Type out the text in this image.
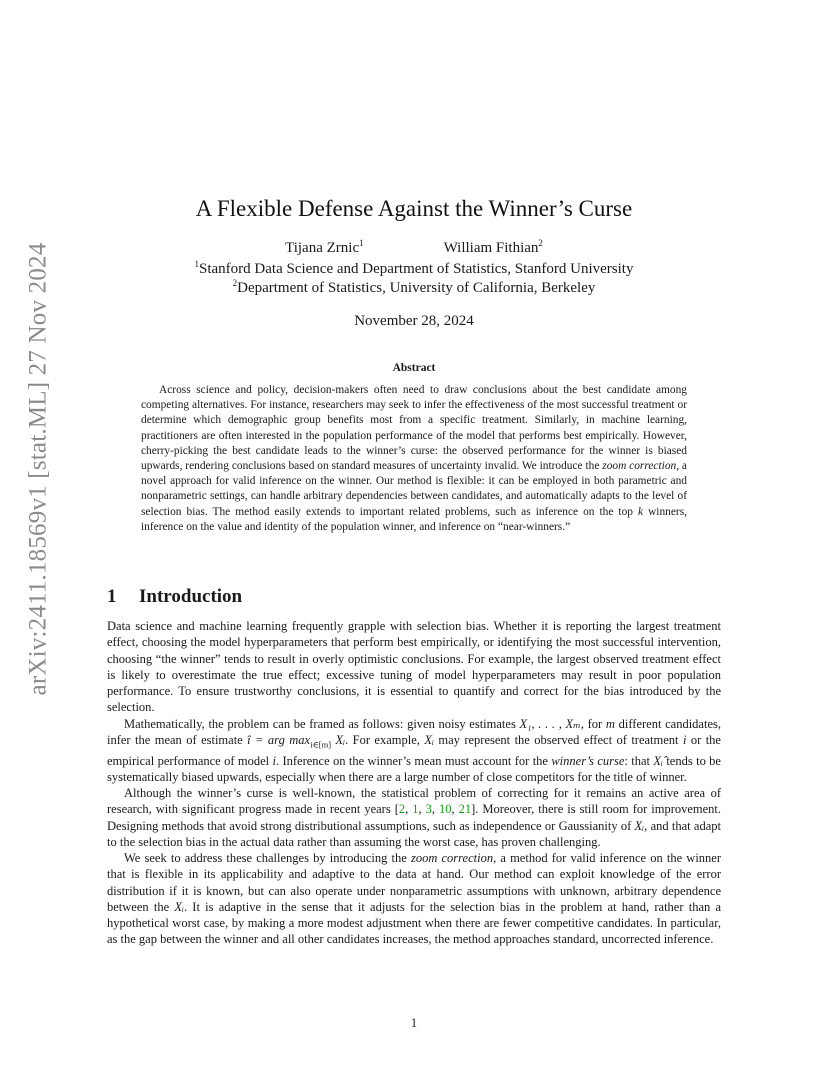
arXiv:2411.18569v1 [stat.ML] 27 Nov 2024
A Flexible Defense Against the Winner’s Curse
Tijana Zrnic$^1$	William Fithian$^2$
$^1$Stanford Data Science and Department of Statistics, Stanford University
$^2$Department of Statistics, University of California, Berkeley
November 28, 2024
Abstract

Across science and policy, decision-makers often need to draw conclusions about the best candidate among competing alternatives. For instance, researchers may seek to infer the effectiveness of the most successful treatment or determine which demographic group benefits most from a specific treatment. Similarly, in machine learning, practitioners are often interested in the population performance of the model that performs best empirically. However, cherry-picking the best candidate leads to the winner’s curse: the observed performance for the winner is biased upwards, rendering conclusions based on standard measures of uncertainty invalid. We introduce the zoom correction, a novel approach for valid inference on the winner. Our method is flexible: it can be employed in both parametric and nonparametric settings, can handle arbitrary dependencies between candidates, and automatically adapts to the level of selection bias. The method easily extends to important related problems, such as inference on the top k winners, inference on the value and identity of the population winner, and inference on “near-winners.”

1 Introduction

Data science and machine learning frequently grapple with selection bias. Whether it is reporting the largest treatment effect, choosing the model hyperparameters that perform best empirically, or identifying the most successful intervention, choosing “the winner” tends to result in overly optimistic conclusions. For example, the largest observed treatment effect is likely to overestimate the true effect; excessive tuning of model hyperparameters may result in poor population performance. To ensure trustworthy conclusions, it is essential to quantify and correct for the bias introduced by the selection.

Mathematically, the problem can be framed as follows: given noisy estimates X₁, . . . , Xₘ, for m different candidates, infer the mean of estimate î = arg $\max_{i\in[m]}$ Xᵢ. For example, Xᵢ may represent the observed effect of treatment i or the empirical performance of model i. Inference on the winner’s mean must account for the winner’s curse: that Xᵢ̂ tends to be systematically biased upwards, especially when there are a large number of close competitors for the title of winner.

Although the winner’s curse is well-known, the statistical problem of correcting for it remains an active area of research, with significant progress made in recent years [2, 1, 3, 10, 21]. Moreover, there is still room for improvement. Designing methods that avoid strong distributional assumptions, such as independence or Gaussianity of Xᵢ, and that adapt to the selection bias in the actual data rather than assuming the worst case, has proven challenging.

We seek to address these challenges by introducing the zoom correction, a method for valid inference on the winner that is flexible in its applicability and adaptive to the data at hand. Our method can exploit knowledge of the error distribution if it is known, but can also operate under nonparametric assumptions with unknown, arbitrary dependence between the Xᵢ. It is adaptive in the sense that it adjusts for the selection bias in the problem at hand, rather than a hypothetical worst case, by making a more modest adjustment when there are fewer competitive candidates. In particular, as the gap between the winner and all other candidates increases, the method approaches standard, uncorrected inference.

1
